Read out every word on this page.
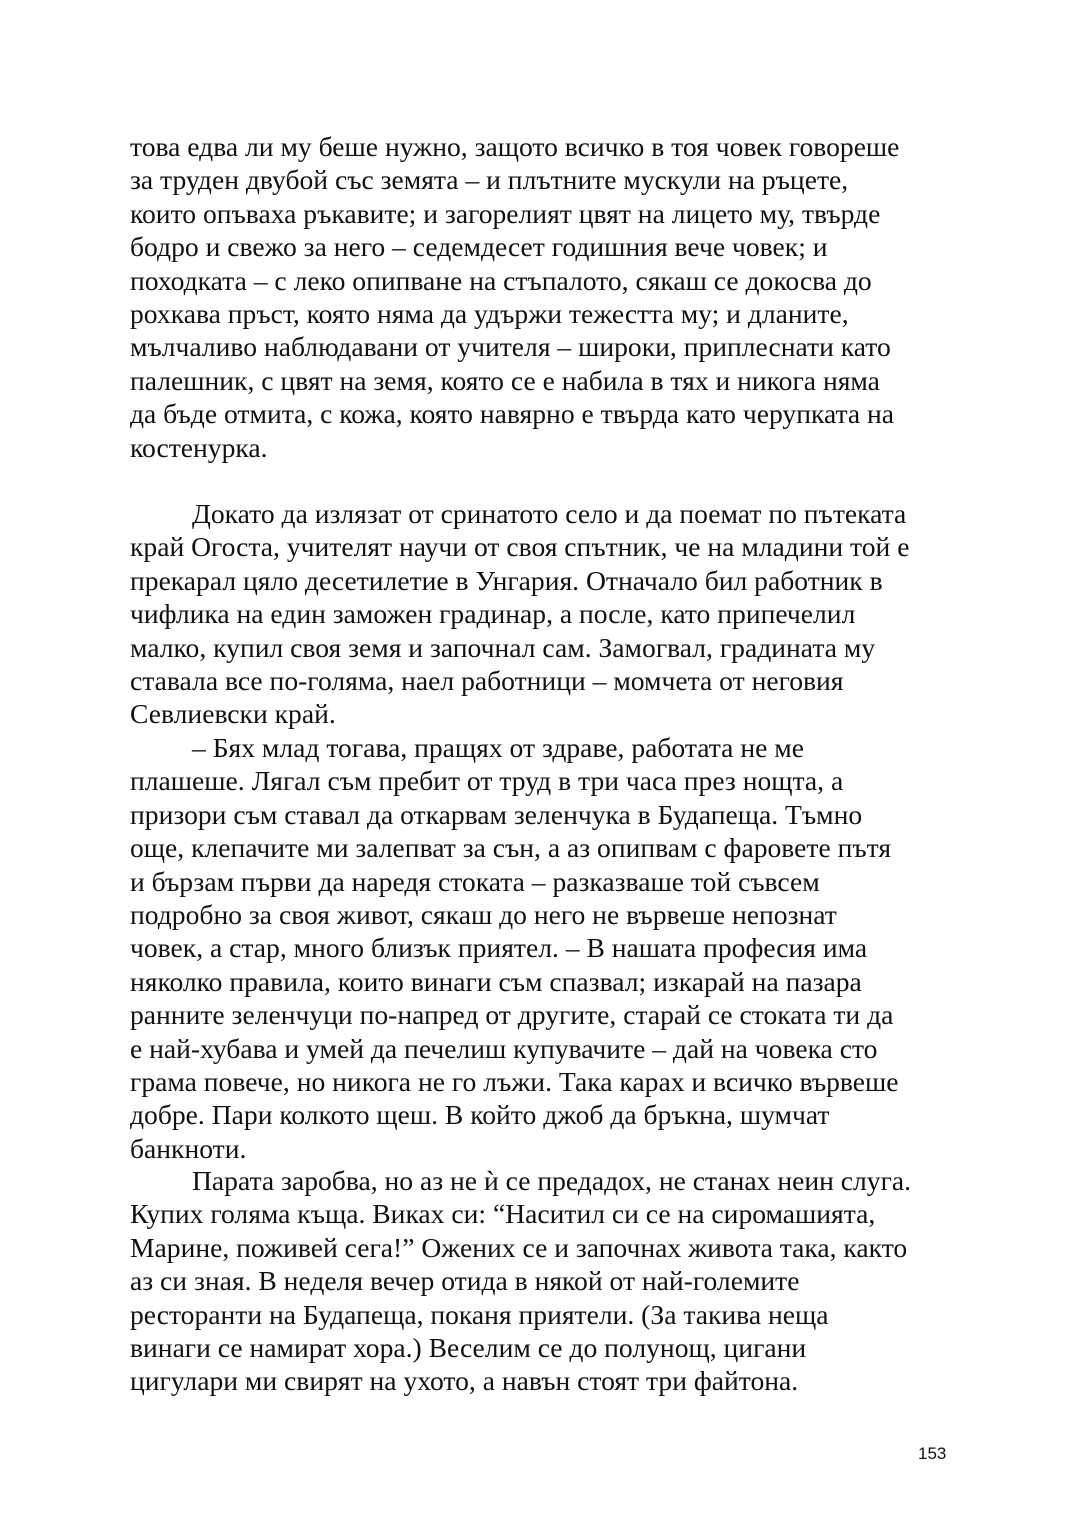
това едва ли му беше нужно, защото всичко в тоя човек говореше
за труден двубой със земята – и плътните мускули на ръцете,
които опъваха ръкавите; и загорелият цвят на лицето му, твърде
бодро и свежо за него – седемдесет годишния вече човек; и
походката – с леко опипване на стъпалото, сякаш се докосва до
рохкава пръст, която няма да удържи тежестта му; и дланите,
мълчаливо наблюдавани от учителя – широки, приплеснати като
палешник, с цвят на земя, която се е набила в тях и никога няма
да бъде отмита, с кожа, която навярно е твърда като черупката на
костенурка.
Докато да излязат от сринатото село и да поемат по пътеката
край Огоста, учителят научи от своя спътник, че на младини той е
прекарал цяло десетилетие в Унгария. Отначало бил работник в
чифлика на един заможен градинар, а после, като припечелил
малко, купил своя земя и започнал сам. Замогвал, градината му
ставала все по-голяма, наел работници – момчета от неговия
Севлиевски край.
– Бях млад тогава, пращях от здраве, работата не ме
плашеше. Лягал съм пребит от труд в три часа през нощта, а
призори съм ставал да откарвам зеленчука в Будапеща. Тъмно
още, клепачите ми залепват за сън, а аз опипвам с фаровете пътя
и бързам първи да наредя стоката – разказваше той съвсем
подробно за своя живот, сякаш до него не вървеше непознат
човек, а стар, много близък приятел. – В нашата професия има
няколко правила, които винаги съм спазвал; изкарай на пазара
ранните зеленчуци по-напред от другите, старай се стоката ти да
е най-хубава и умей да печелиш купувачите – дай на човека сто
грама повече, но никога не го лъжи. Така карах и всичко вървеше
добре. Пари колкото щеш. В който джоб да бръкна, шумчат
банкноти.
Парата заробва, но аз не ѝ се предадох, не станах неин слуга.
Купих голяма къща. Виках си: “Наситил си се на сиромашията,
Марине, поживей сега!” Ожених се и започнах живота така, както
аз си зная. В неделя вечер отида в някой от най-големите
ресторанти на Будапеща, поканя приятели. (За такива неща
винаги се намират хора.) Веселим се до полунощ, цигани
цигулари ми свирят на ухото, а навън стоят три файтона.
153
